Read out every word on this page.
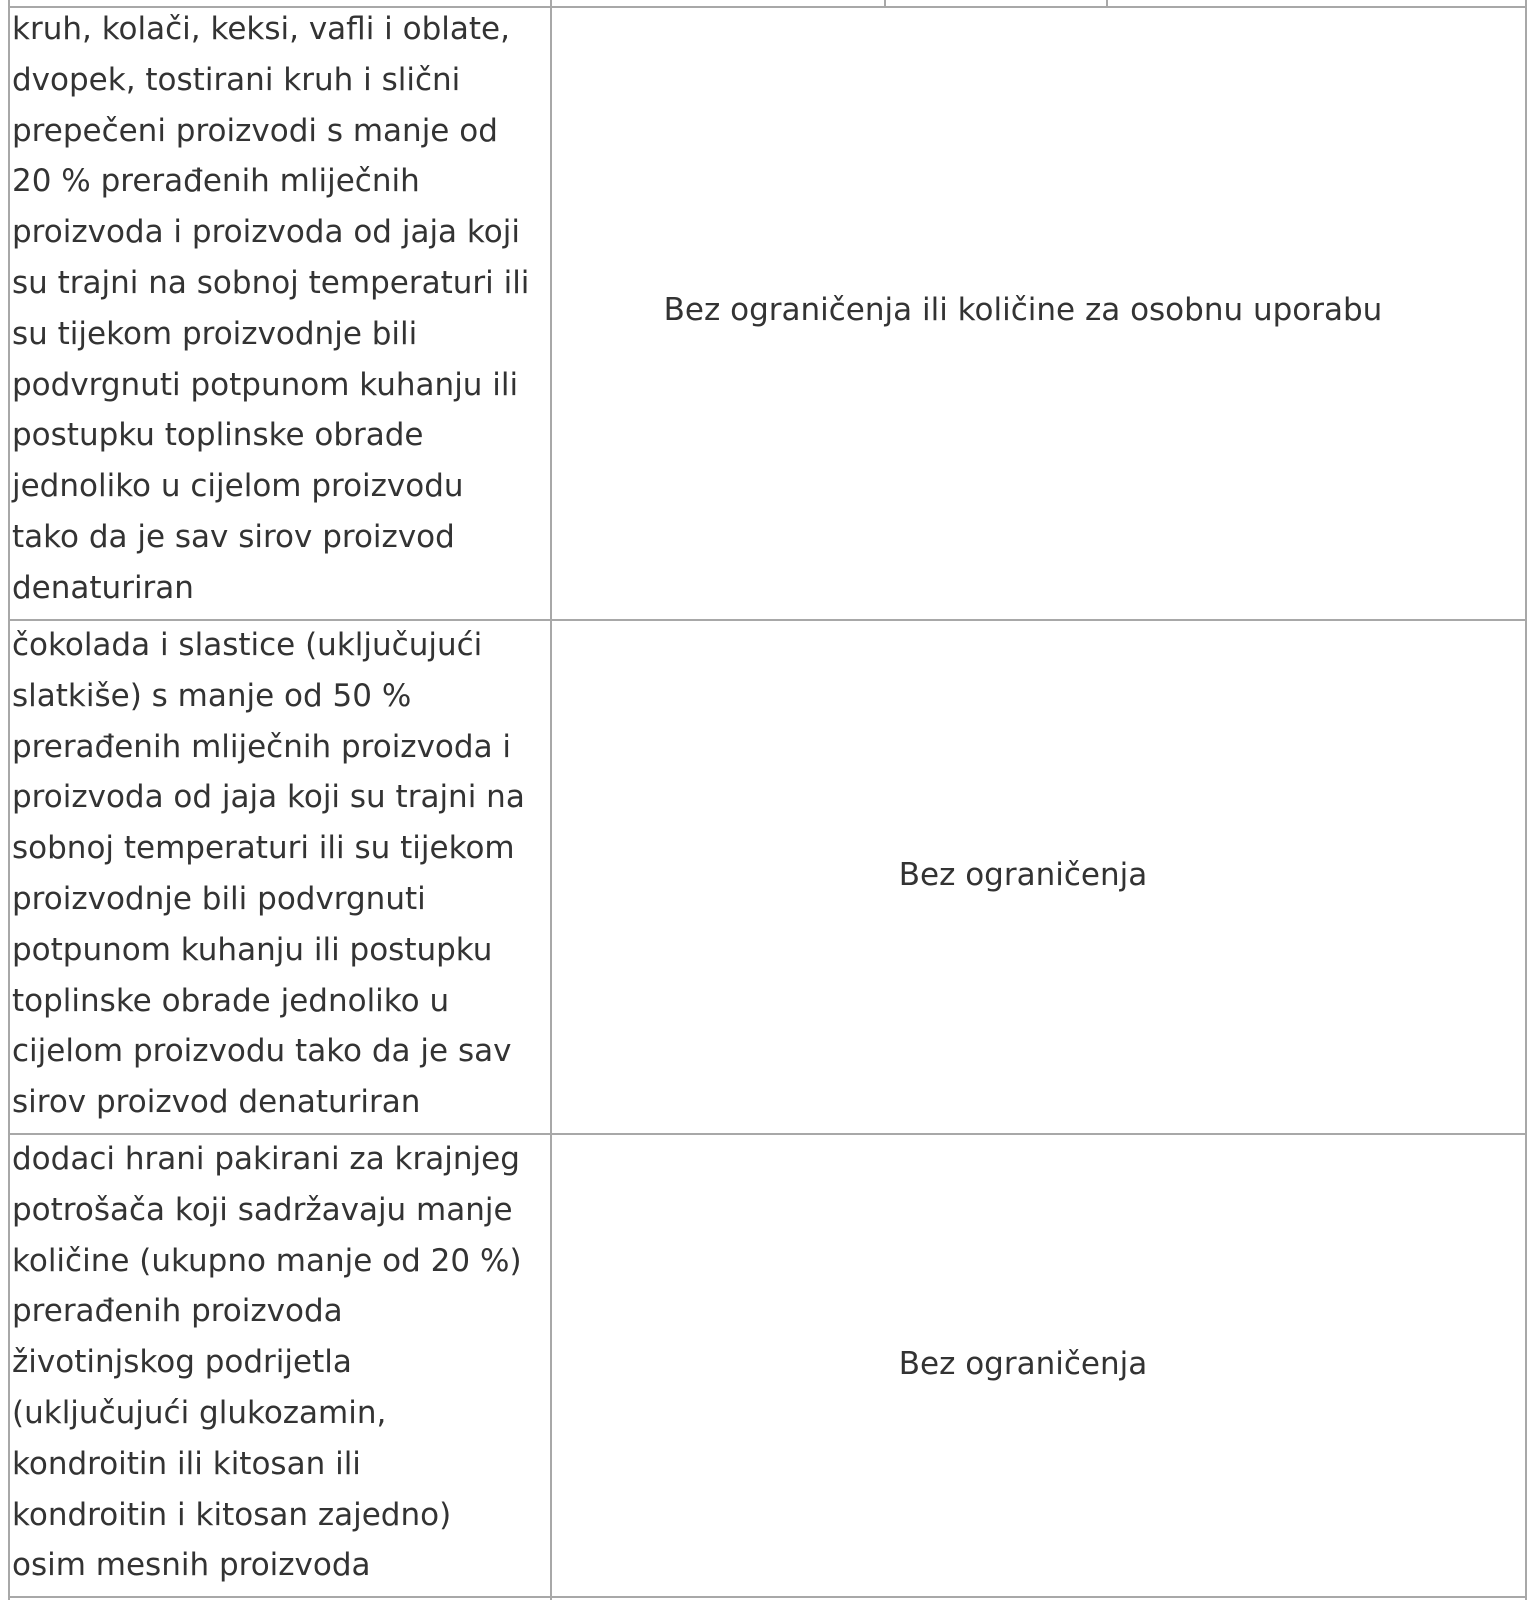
kruh, kolači, keksi, vafli i oblate,
dvopek, tostirani kruh i slični
prepečeni proizvodi s manje od
20 % prerađenih mliječnih
proizvoda i proizvoda od jaja koji
su trajni na sobnoj temperaturi ili
su tijekom proizvodnje bili
podvrgnuti potpunom kuhanju ili
postupku toplinske obrade
jednoliko u cijelom proizvodu
tako da je sav sirov proizvod
denaturiran

Bez ograničenja ili količine za osobnu uporabu

čokolada i slastice (uključujući
slatkiše) s manje od 50 %
prerađenih mliječnih proizvoda i
proizvoda od jaja koji su trajni na
sobnoj temperaturi ili su tijekom
proizvodnje bili podvrgnuti
potpunom kuhanju ili postupku
toplinske obrade jednoliko u
cijelom proizvodu tako da je sav
sirov proizvod denaturiran

Bez ograničenja

dodaci hrani pakirani za krajnjeg
potrošača koji sadržavaju manje
količine (ukupno manje od 20 %)
prerađenih proizvoda
životinjskog podrijetla
(uključujući glukozamin,
kondroitin ili kitosan ili
kondroitin i kitosan zajedno)
osim mesnih proizvoda

Bez ograničenja
